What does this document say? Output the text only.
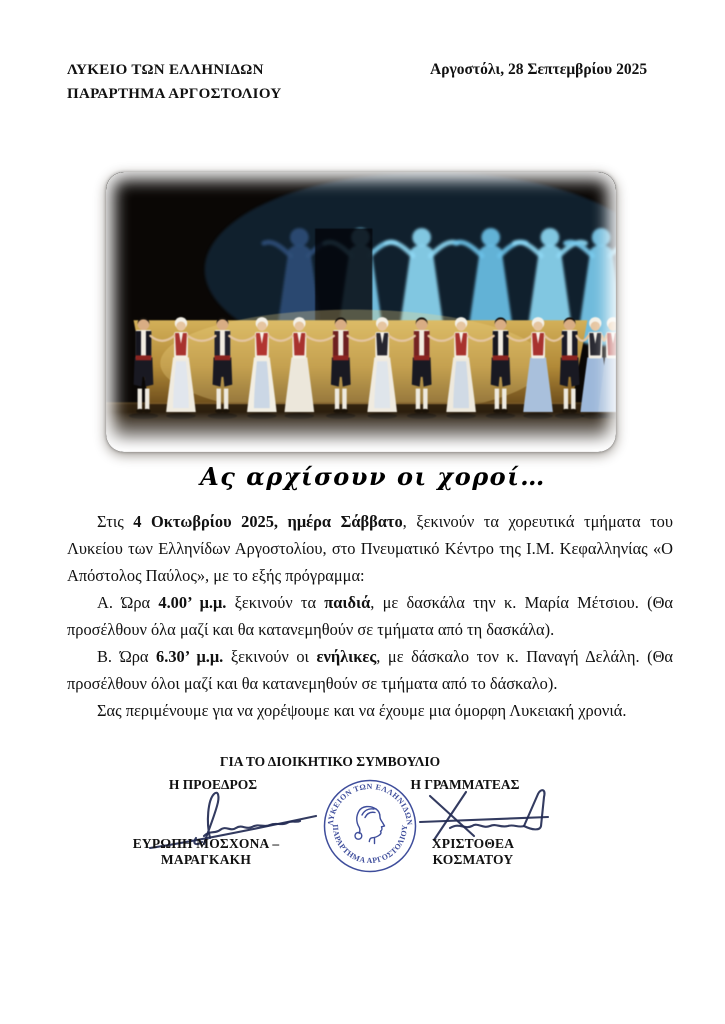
ΛΥΚΕΙΟ ΤΩΝ ΕΛΛΗΝΙΔΩΝ
ΠΑΡΑΡΤΗΜΑ ΑΡΓΟΣΤΟΛΙΟΥ
Αργοστόλι, 28 Σεπτεμβρίου 2025
Ας αρχίσουν οι χοροί…

Στις 4 Οκτωβρίου 2025, ημέρα Σάββατο, ξεκινούν τα χορευτικά τμήματα του Λυκείου των Ελληνίδων Αργοστολίου, στο Πνευματικό Κέντρο της Ι.Μ. Κεφαλληνίας «Ο Απόστολος Παύλος», με το εξής πρόγραμμα:

Α. Ώρα 4.00’ μ.μ. ξεκινούν τα παιδιά, με δασκάλα την κ. Μαρία Μέτσιου. (Θα προσέλθουν όλα μαζί και θα κατανεμηθούν σε τμήματα από τη δασκάλα).

Β. Ώρα 6.30’ μ.μ. ξεκινούν οι ενήλικες, με δάσκαλο τον κ. Παναγή Δελάλη. (Θα προσέλθουν όλοι μαζί και θα κατανεμηθούν σε τμήματα από το δάσκαλο).

Σας περιμένουμε για να χορέψουμε και να έχουμε μια όμορφη Λυκειακή χρονιά.

ΓΙΑ ΤΟ ΔΙΟΙΚΗΤΙΚΟ ΣΥΜΒΟΥΛΙΟ
Η ΠΡΟΕΔΡΟΣ	Η ΓΡΑΜΜΑΤΕΑΣ
ΛΥΚΕΙΟΝ ΤΩΝ ΕΛΛΗΝΙΔΩΝ
ΠΑΡΑΡΤΗΜΑ ΑΡΓΟΣΤΟΛΙΟΥ
ΕΥΡΩΠΗ ΜΟΣΧΟΝΑ – ΜΑΡΑΓΚΑΚΗ
ΧΡΙΣΤΟΘΕΑ ΚΟΣΜΑΤΟΥ
